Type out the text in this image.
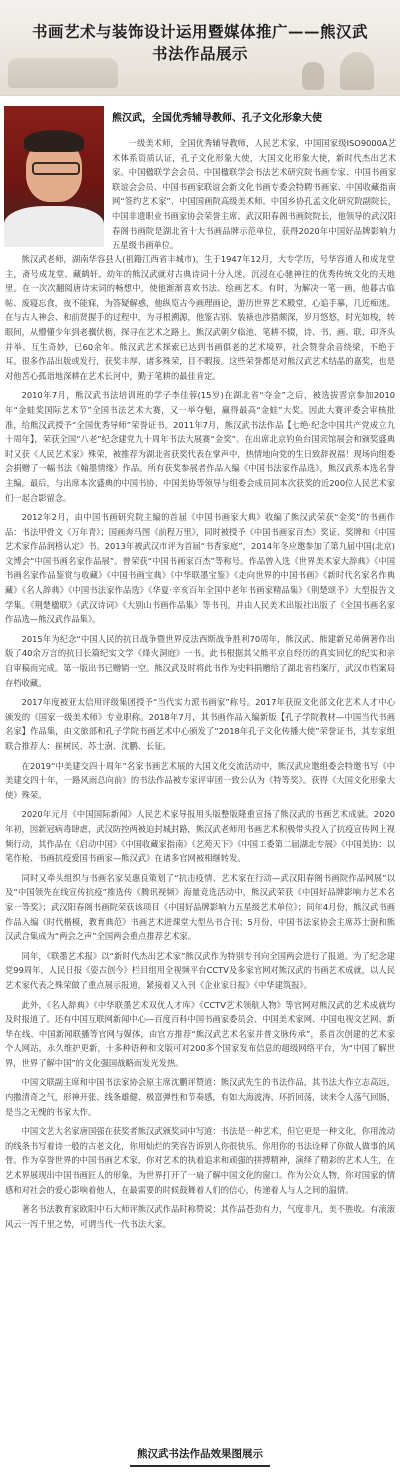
书画艺术与装饰设计运用暨媒体推广——熊汉武
书法作品展示
熊汉武，全国优秀辅导教师、孔子文化形象大使

一级美术师，全国优秀辅导教师，人民艺术家，中国国家级ISO9000A艺术体系资质认证，孔子文化形象大使，大国文化形象大使，新时代杰出艺术家。中国楹联学会会员、中国楹联学会书法艺术研究院书画专家、中国书画家联谊会会员、中国书画家联谊会新文化书画专委会特聘书画家、中国收藏指南网“签约艺术家”、中国国画院高级美术师。中国乡协孔孟文化研究院副院长，中国非遗职业书画家协会荣誉主席、武汉阳春阁书画院院长，他领导的武汉阳春阁书画院是湖北省十大书画品牌示范单位，获得2020年中国好品牌影响力五星级书画单位。

熊汉武老师，湖南华容县人(祖籍江西省丰城市)，生于1947年12月，大专学历，号华容道人和成龙堂主，斋号成龙堂、藏鹤轩。幼年的熊汉武就对古典诗词十分入迷，沉浸在心驰神往的优秀传统文化的天地里。在一次次翻阅唐诗宋词的畅想中，使他渐渐喜欢书法、绘画艺术。有时，为解决一笔一画，他暮古临帖、废寝忘食，夜不能寐，为答疑解惑，他纵览古今画理画论，游历世界艺术殿堂，心追手摹，几近痴迷。在与古人神会、和前贤握手的过程中，为寻根溯源，他鉴古别、装裱也涉猎颇深，岁月悠悠，时光如梭，转眼间，从懵懂少年到老骥伏枥，探寻在艺术之路上。熊汉武朝夕临池、笔耕不辍，诗、书、画、联、印齐头并举、互生奇妙，已60余年。熊汉武艺术探索已达到书画俱老的艺术境界，社会赞誉余音绕梁，不绝于耳。很多作品出版或发行，获奖丰厚、诸多殊荣，目不暇接。这些荣誉都是对熊汉武艺术结晶的嘉奖，也是对他苦心孤诣地深耕在艺术长河中，勤于笔耕的最佳肯定。

2010年7月，熊汉武书法培训班的学子李佳蓉(15岁)在湖北省“夺金”之后，被选拔晋京参加2010年“金蛙奖国际艺术节”全国书法艺术大赛，又一举夺魁，赢得最高“金蛙”大奖。因此大赛评委会审核批准，给熊汉武授予“全国优秀导师”荣誉证书。2011年7月，熊汉武书法作品【七绝·纪念中国共产党成立九十周年】，荣获全国“八老”纪念建党九十周年书法大展赛“金奖”。在出席北京钓鱼台国宾馆展会和颁奖盛典时又获《人民艺术家》殊荣，被推荐为湖北省获奖代表在掌声中，热情地向党的生日致辞祝福！现场向组委会捐赠了一幅书法《翰墨情缘》作品。所有获奖参展者作品入编《中国书法家作品选》，熊汉武系本选名誉主编。最后，与出席本次盛典的中国书协、中国美协等领导与组委会成员同本次获奖的近200位人民艺术家们一起合影留念。

2012年2月，由中国书画研究院主编的首届《中国书画家大典》收编了熊汉武荣获“金奖”的书画作品：书法甲骨文《万年青》；国画奔马图《前程万里》，同时被授予《中国书画家百杰》奖证、奖牌和《中国艺术家作品润格认定》书。2013年被武汉市评为首届“书香家庭”，2014年冬应邀参加了第九届中国(北京)文博会“中国书画名家作品展”。曾荣获“中国书画家百杰”等称号。作品曾入选《世界美术家大辞典》《中国书画名家作品鉴赏与收藏》《中国书画宝典》《中华联墨宝鉴》《走向世界的中国书画》《新时代名家名作典藏》《名人辞典》《中国书法家作品选》《华夏·辛亥百年全国中老年书画家精品集》《荆楚颂予》大型报告文学集。《荆楚楹联》《武汉诗词》《大别山书画作品集》等书刊。并由人民美术出版社出版了《全国书画名家作品选—熊汉武作品集》。

2015年为纪念“中国人民的抗日战争暨世界反法西斯战争胜利70周年，熊汉武、熊建新兄弟俩著作出版了40余万言的抗日长篇纪实文学《烽火洞庭》一书。此书根据其父熊平京自经历的真实回忆的纪实和亲自审稿而完成。第一版出书已赠销一空。熊汉武及时将此书作为史料捐赠给了湖北省档案厅，武汉市档案局存档收藏。

2017年度被亚太信用评级集团授予“当代实力派书画家”称号。2017年获原文化部文化艺术人才中心颁发的《国家一级美术师》专业职称。2018年7月，其书画作品入编新版【孔子学院教材—中国当代书画名家】作品集，由文旅部和孔子学院书画艺术中心颁发了“2018年孔子文化传播大使”荣誉证书，其专家组联合推荐人：崔树民、苏士澍、沈鹏、长征。

在2019“中美建交四十周年”名家书画艺术展的大国文化交流活动中，熊汉武应邀组委会特邀书写《中美建交四十年，一路风雨总向前》的书法作品被专家评审团一致公认为《特等奖》。获得《大国文化形象大使》殊荣。

2020年元月《中国国际新闻》人民艺术家导报用头版整版隆重宣扬了熊汉武的书画艺术成就。2020年初，因新冠病毒肆虐，武汉防控两被迫封城封路，熊汉武老师用书画艺术积极带头投入了抗疫宣传网上视频行动，其作品在《启动中国》《中国收藏家指南》《艺苑天下》《中国工委第二届湖北专展》《中国美协：以笔作枪、书画抗疫爱国书画家—熊汉武》在诸多官网被相继转发。

同时又牵头组织与书画名家吴惠良策划了“抗击疫情、艺术家在行动—武汉阳春阁书画院作品网展”以及“中国领先在线宣传抗疫”推选传《腾讯视频》海量竞选活动中，熊汉武荣获《中国好品牌影响力艺术名家一等奖》；武汉阳春阁书画院荣获该项目《中国好品牌影响力五星级艺术单位》；同年4月份，熊汉武书画作品入编《时代楷模，教育典范》书画艺术进课堂大型丛书合刊；5月份，中国书法家协会主席苏士澍和熊汉武合集成为“两会之声”全国两会重点推荐艺术家。

同年，《联墨艺术报》以“新时代杰出艺术家”熊汉武作为特别专刊向全国两会进行了报道。为了纪念建党99周年，人民日报《姿古创今》栏目组用全视频平台CCTV及多家官网对熊汉武的书画艺术成就，以人民艺术家代表之殊荣做了重点展示报道，紧接着又入刊《企业家日报》《中华建筑报》。

此外，《名人辞典》《中华联墨艺术双优人才库》《CCTV艺术领航人物》等官网对熊汉武的艺术成就均及时报道了。还有中国互联网新闻中心—百度百科中国书画家委员会、中国美术家网、中国电视文艺网、新华在线、中国新闻联播等官网与媒体，由官方推荐“熊汉武艺术名家并普文脉传承”，系首次创建的艺术家个人网站，永久维护更新，十多种语种和文版可对200多个国家发布信息的超级网络平台，为“中国了解世界，世界了解中国”的文化强国战略而发光发热。

中国文联副主席和中国书法家协会原主席沈鹏评赞道：熊汉武先生的书法作品，其书法大作立志高远，内撒清奇之气，形神开张、线条雄健、极富弹性和节奏感，有如大海波涛、环折回荡，读来令人荡气回肠，是当之无愧的书家大作。

中国文艺大名家唐国强在获奖者熊汉武颁奖词中写道：书法是一种艺术，但它更是一种文化，你用流动的线条书写着诗一般的古老文化，你用灿烂的笑容告诉别人你很快乐。你用你的书法诠释了你做人做事的风骨。作为享誉世界的中国书画艺术家，你对艺术的执着追求和顽强的拼搏精神，演绎了精彩的艺术人生，在艺术界展现出中国书画匠人的形象，为世界打开了一扇了解中国文化的窗口。作为公众人物，你对国家的情感和对社会的爱心影响着他人，在最需要的时候鼓舞着人们的信心，传递着人与人之间的温情。

著名书法教育家欧阳中石大师评熊汉武作品时称赞说：其作品苍劲有力，气度非凡，美不胜收。有滚滚风云一泻千里之势，可谓当代一代书法大家。

熊汉武书法作品效果图展示
